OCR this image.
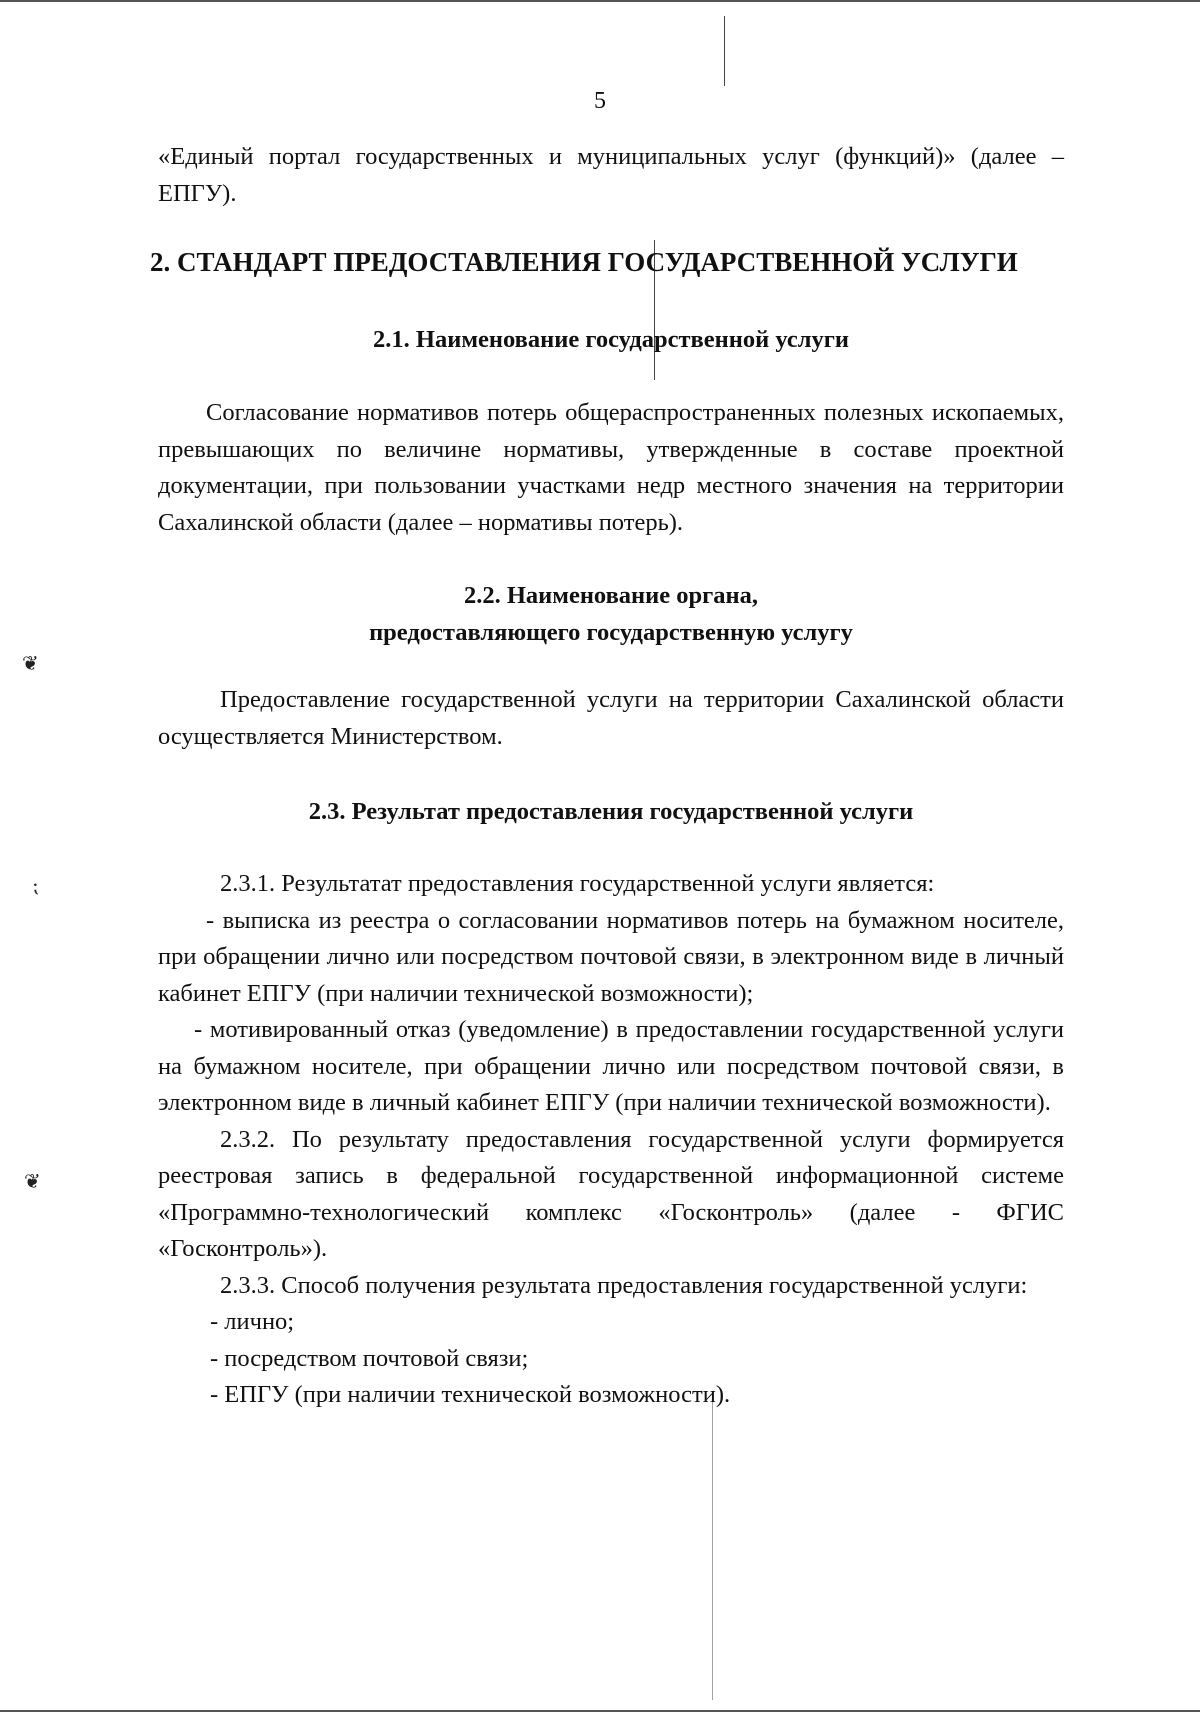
❦
⁏
❦
5

«Единый портал государственных и муниципальных услуг (функций)» (далее – ЕПГУ).

2. СТАНДАРТ ПРЕДОСТАВЛЕНИЯ ГОСУДАРСТВЕННОЙ УСЛУГИ
2.1. Наименование государственной услуги

Согласование нормативов потерь общераспространенных полезных ископаемых, превышающих по величине нормативы, утвержденные в составе проектной документации, при пользовании участками недр местного значения на территории Сахалинской области (далее – нормативы потерь).

2.2. Наименование органа,
предоставляющего государственную услугу

Предоставление государственной услуги на территории Сахалинской области осуществляется Министерством.

2.3. Результат предоставления государственной услуги

2.3.1. Результатат предоставления государственной услуги является:

- выписка из реестра о согласовании нормативов потерь на бумажном носителе, при обращении лично или посредством почтовой связи, в электронном виде в личный кабинет ЕПГУ (при наличии технической возможности);

- мотивированный отказ (уведомление) в предоставлении государственной услуги на бумажном носителе, при обращении лично или посредством почтовой связи, в электронном виде в личный кабинет ЕПГУ (при наличии технической возможности).

2.3.2. По результату предоставления государственной услуги формируется реестровая запись в федеральной государственной информационной системе «Программно-технологический комплекс «Госконтроль» (далее - ФГИС «Госконтроль»).

2.3.3. Способ получения результата предоставления государственной услуги:

- лично;

- посредством почтовой связи;

- ЕПГУ (при наличии технической возможности).
